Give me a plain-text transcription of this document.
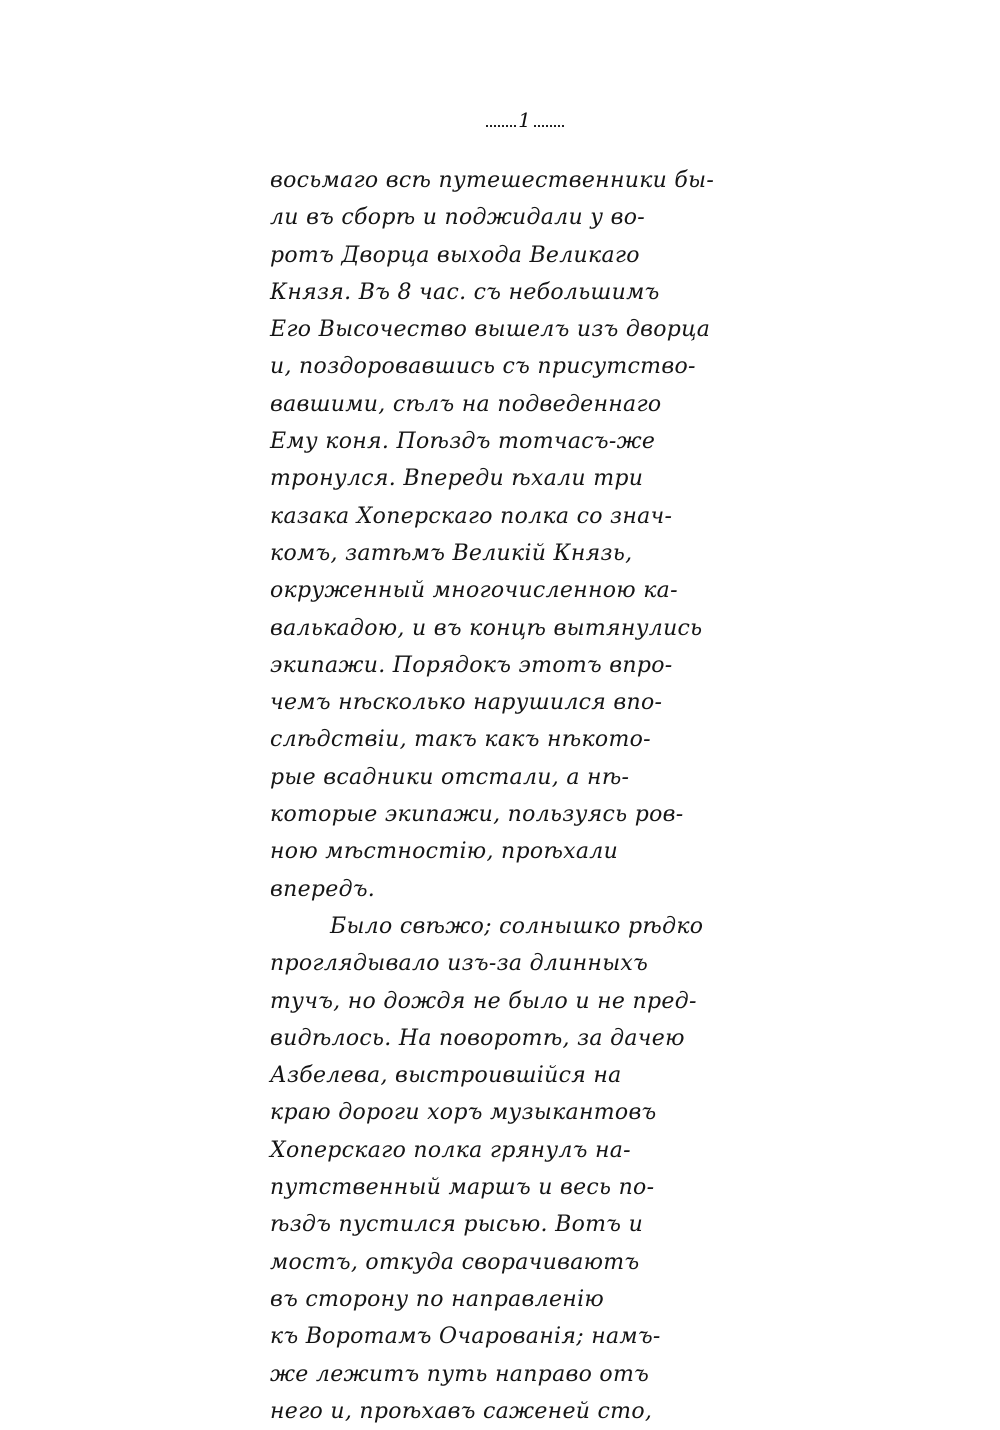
1
восьмаго всѣ путешественники бы-
ли въ сборѣ и поджидали у во-
ротъ Дворца выхода Великаго
Князя. Въ 8 час. съ небольшимъ
Его Высочество вышелъ изъ дворца
и, поздоровавшись съ присутство-
вавшими, сѣлъ на подведеннаго
Ему коня. Поѣздъ тотчасъ-же
тронулся. Впереди ѣхали три
казака Хоперскаго полка со знач-
комъ, затѣмъ Великій Князь,
окруженный многочисленною ка-
валькадою, и въ концѣ вытянулись
экипажи. Порядокъ этотъ впро-
чемъ нѣсколько нарушился впо-
слѣдствіи, такъ какъ нѣкото-
рые всадники отстали, а нѣ-
которые экипажи, пользуясь ров-
ною мѣстностію, проѣхали
впередъ.
Было свѣжо; солнышко рѣдко
проглядывало изъ-за длинныхъ
тучъ, но дождя не было и не пред-
видѣлось. На поворотѣ, за дачею
Азбелева, выстроившійся на
краю дороги хоръ музыкантовъ
Хоперскаго полка грянулъ на-
путственный маршъ и весь по-
ѣздъ пустился рысью. Вотъ и
мостъ, откуда сворачиваютъ
въ сторону по направленію
къ Воротамъ Очарованія; намъ-
же лежитъ путь направо отъ
него и, проѣхавъ саженей сто,
